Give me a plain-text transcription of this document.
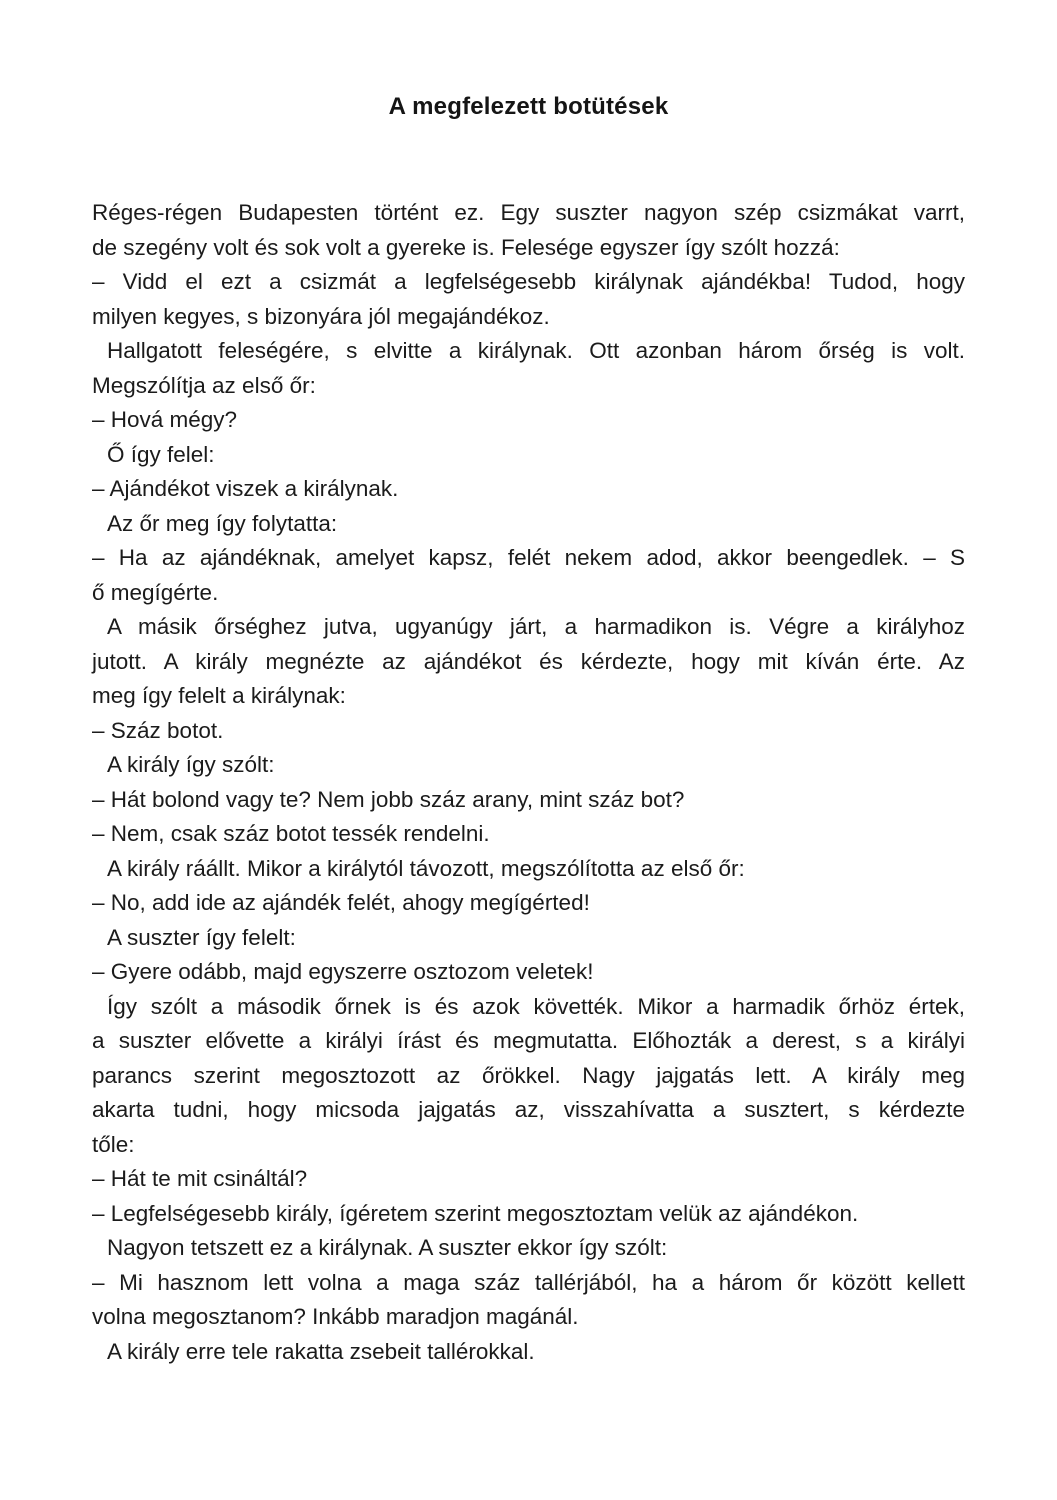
A megfelezett botütések
Réges-régen Budapesten történt ez. Egy suszter nagyon szép csizmákat varrt,
de szegény volt és sok volt a gyereke is. Felesége egyszer így szólt hozzá:
– Vidd el ezt a csizmát a legfelségesebb királynak ajándékba! Tudod, hogy
milyen kegyes, s bizonyára jól megajándékoz.
Hallgatott feleségére, s elvitte a királynak. Ott azonban három őrség is volt.
Megszólítja az első őr:
– Hová mégy?
Ő így felel:
– Ajándékot viszek a királynak.
Az őr meg így folytatta:
– Ha az ajándéknak, amelyet kapsz, felét nekem adod, akkor beengedlek. – S
ő megígérte.
A másik őrséghez jutva, ugyanúgy járt, a harmadikon is. Végre a királyhoz
jutott. A király megnézte az ajándékot és kérdezte, hogy mit kíván érte. Az
meg így felelt a királynak:
– Száz botot.
A király így szólt:
– Hát bolond vagy te? Nem jobb száz arany, mint száz bot?
– Nem, csak száz botot tessék rendelni.
A király ráállt. Mikor a királytól távozott, megszólította az első őr:
– No, add ide az ajándék felét, ahogy megígérted!
A suszter így felelt:
– Gyere odább, majd egyszerre osztozom veletek!
Így szólt a második őrnek is és azok követték. Mikor a harmadik őrhöz értek,
a suszter elővette a királyi írást és megmutatta. Előhozták a derest, s a királyi
parancs szerint megosztozott az őrökkel. Nagy jajgatás lett. A király meg
akarta tudni, hogy micsoda jajgatás az, visszahívatta a susztert, s kérdezte
tőle:
– Hát te mit csináltál?
– Legfelségesebb király, ígéretem szerint megosztoztam velük az ajándékon.
Nagyon tetszett ez a királynak. A suszter ekkor így szólt:
– Mi hasznom lett volna a maga száz tallérjából, ha a három őr között kellett
volna megosztanom? Inkább maradjon magánál.
A király erre tele rakatta zsebeit tallérokkal.
